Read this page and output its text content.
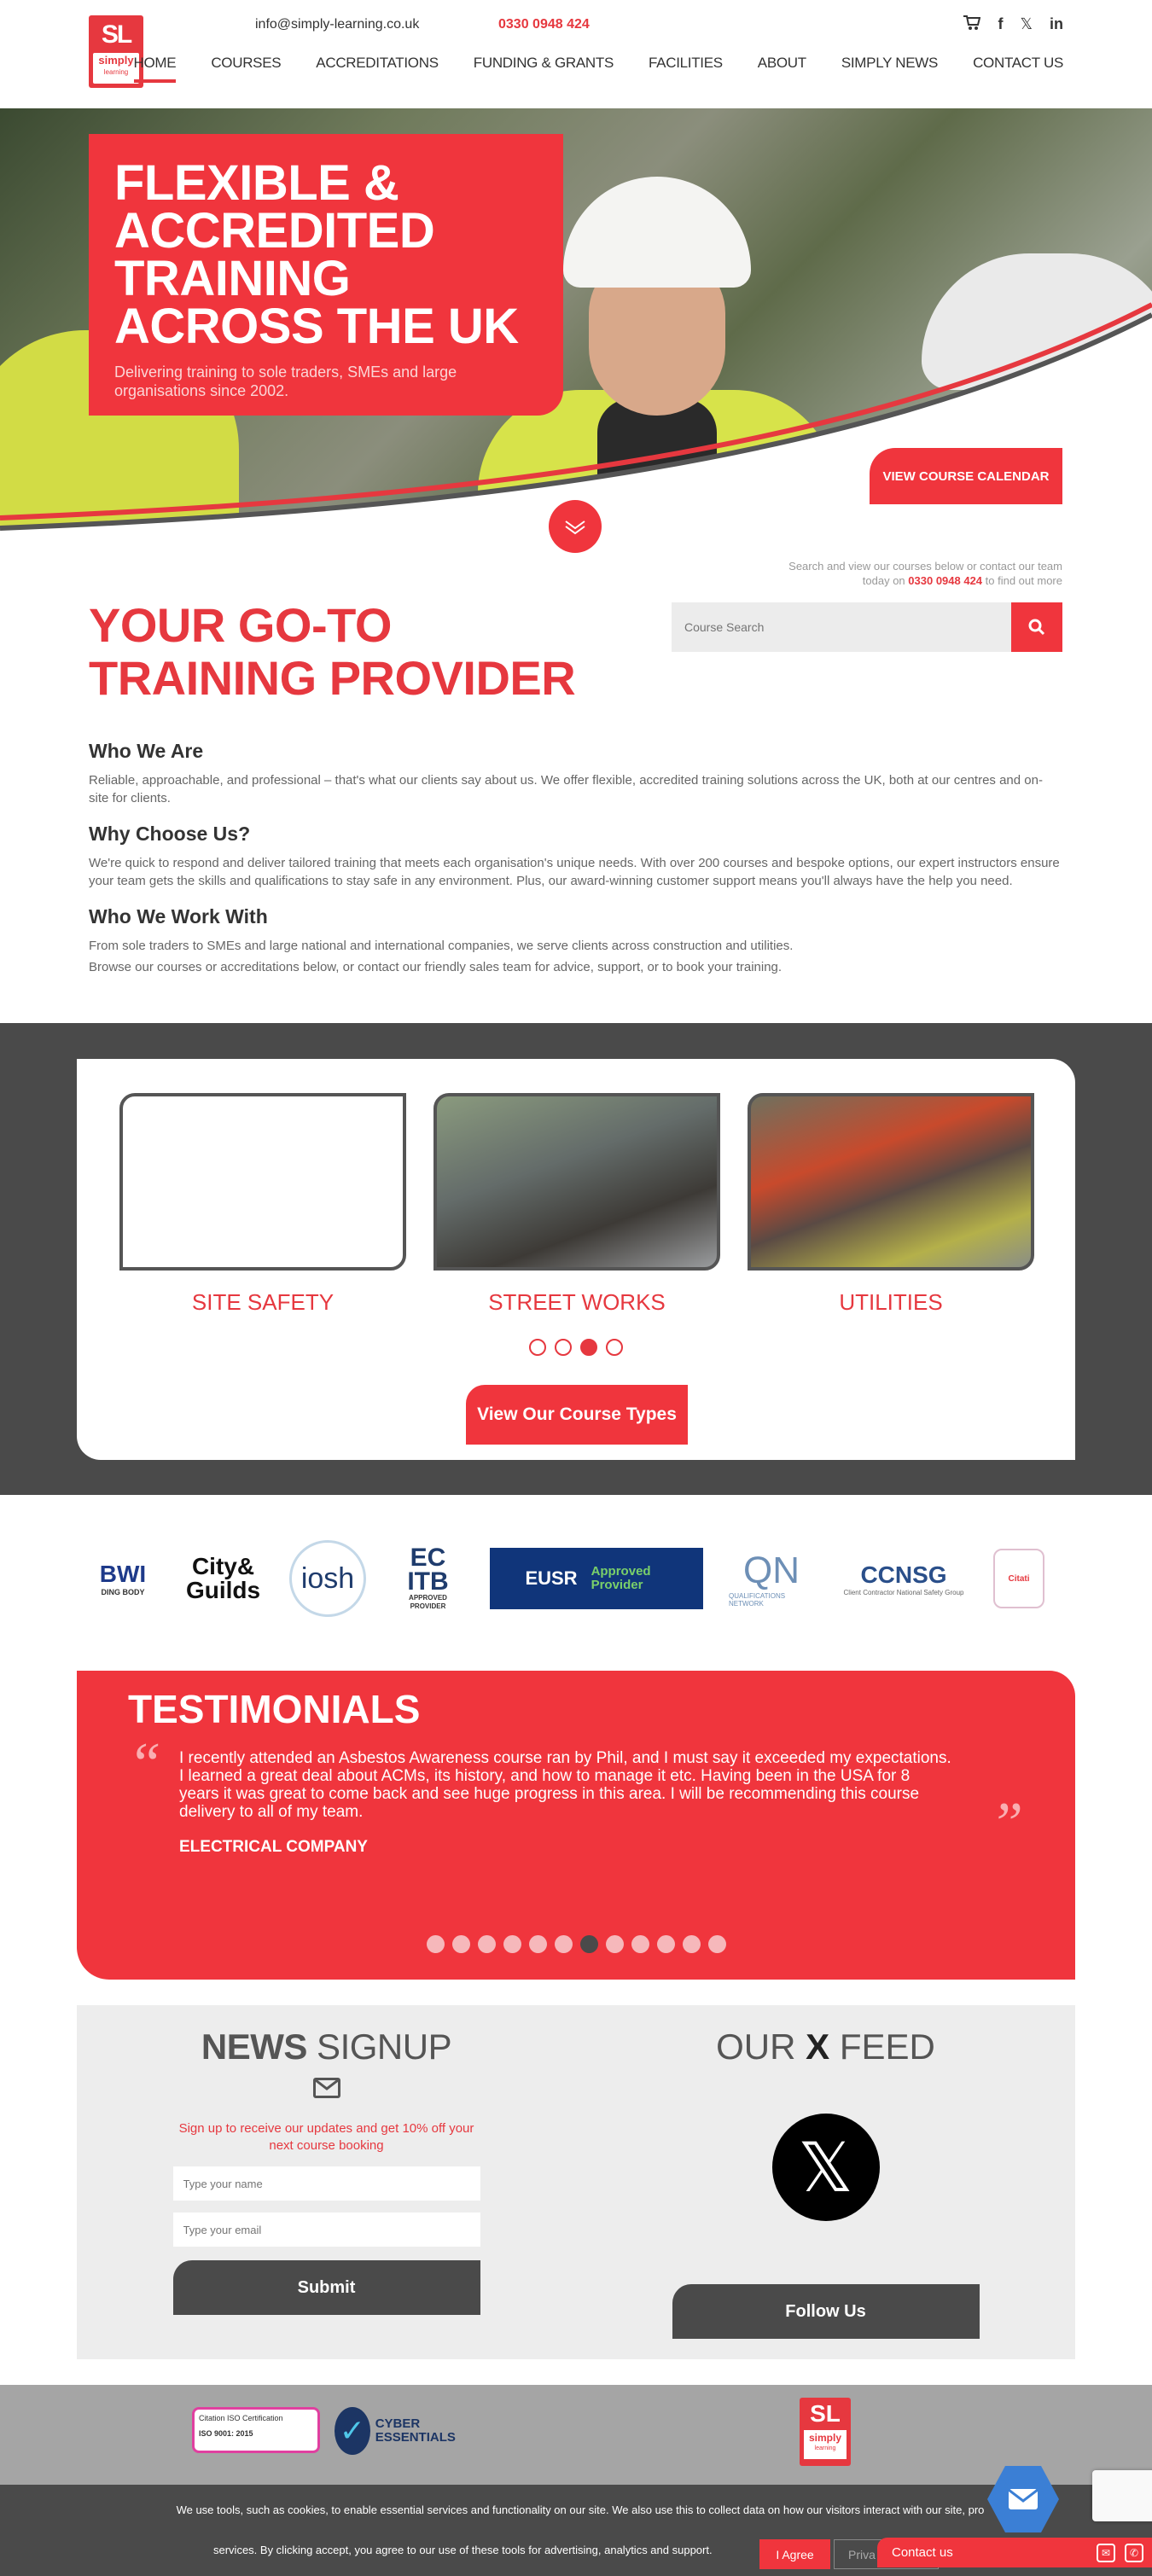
SL
simply
learning
info@simply-learning.co.uk	0330 0948 424	f 𝕏 in
HOME COURSES ACCREDITATIONS FUNDING & GRANTS FACILITIES ABOUT SIMPLY NEWS CONTACT US
FLEXIBLE & ACCREDITED TRAINING ACROSS THE UK

Delivering training to sole traders, SMEs and large organisations since 2002.

VIEW COURSE CALENDAR
Search and view our courses below or contact our team
today on 0330 0948 424 to find out more
YOUR GO-TO TRAINING PROVIDER
Course Search
Who We Are

Reliable, approachable, and professional – that's what our clients say about us. We offer flexible, accredited training solutions across the UK, both at our centres and on-site for clients.

Why Choose Us?

We're quick to respond and deliver tailored training that meets each organisation's unique needs. With over 200 courses and bespoke options, our expert instructors ensure your team gets the skills and qualifications to stay safe in any environment. Plus, our award-winning customer support means you'll always have the help you need.

Who We Work With

From sole traders to SMEs and large national and international companies, we serve clients across construction and utilities.

Browse our courses or accreditations below, or contact our friendly sales team for advice, support, or to book your training.

SITE SAFETY	STREET WORKS	UTILITIES
View Our Course Types
BWI
DING BODY
City& Guilds	iosh
EC ITB
APPROVED PROVIDER
EUSR Approved Provider	QN
QUALIFICATIONS NETWORK
CCNSG
Client Contractor National Safety Group
Citati
TESTIMONIALS
“ I recently attended an Asbestos Awareness course ran by Phil, and I must say it exceeded my expectations. I learned a great deal about ACMs, its history, and how to manage it etc. Having been in the USA for 8 years it was great to come back and see huge progress in this area. I will be recommending this course delivery to all of my team.
ELECTRICAL COMPANY	”
NEWS SIGNUP

Sign up to receive our updates and get 10% off your next course booking

Type your name
Type your email
Submit
OUR X FEED
𝕏
Follow Us
Citation ISO Certification
ISO 9001: 2015	✓ CYBER ESSENTIALS
SL
simply
learning
We use tools, such as cookies, to enable essential services and functionality on our site. We also use this to collect data on how our visitors interact with our site, pro
services. By clicking accept, you agree to our use of these tools for advertising, analytics and support.	I Agree	Priva	Contact us	✉	✆
